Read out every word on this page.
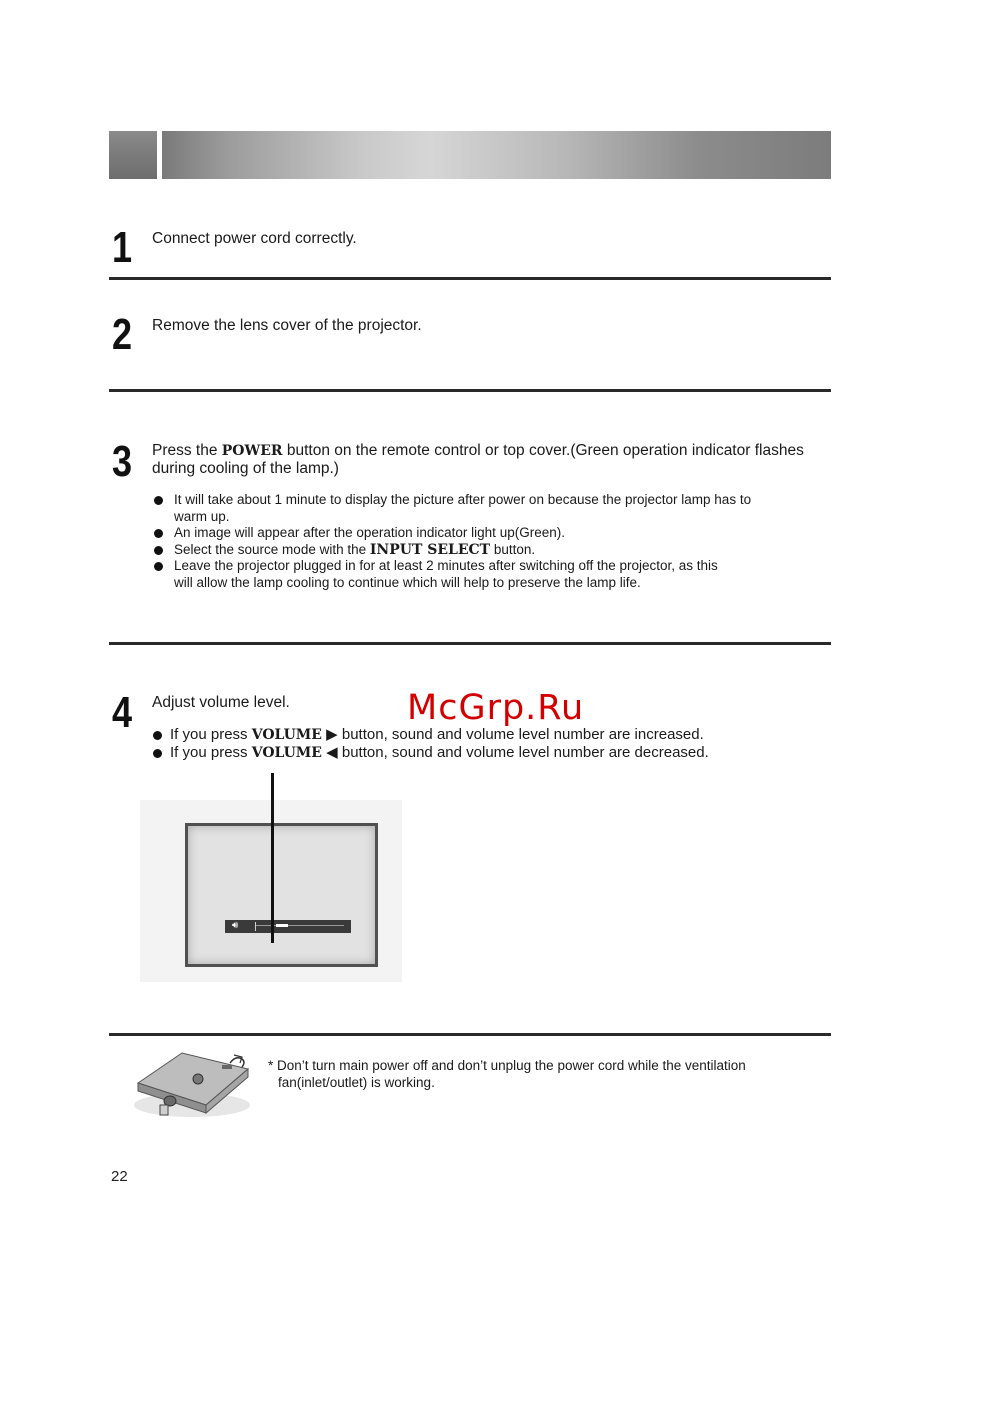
1 Connect power cord correctly.
2 Remove the lens cover of the projector.
3 Press the POWER button on the remote control or top cover.(Green operation indicator flashes
during cooling of the lamp.)
It will take about 1 minute to display the picture after power on because the projector lamp has to
warm up.
An image will appear after the operation indicator light up(Green).
Select the source mode with the INPUT SELECT button.
Leave the projector plugged in for at least 2 minutes after switching off the projector, as this
will allow the lamp cooling to continue which will help to preserve the lamp life.
4 Adjust volume level.	McGrp.Ru
If you press VOLUME ▶ button, sound and volume level number are increased.
If you press VOLUME ◀ button, sound and volume level number are decreased.
🔊︎
* Don’t turn main power off and don’t unplug the power cord while the ventilation
fan(inlet/outlet) is working.
22
